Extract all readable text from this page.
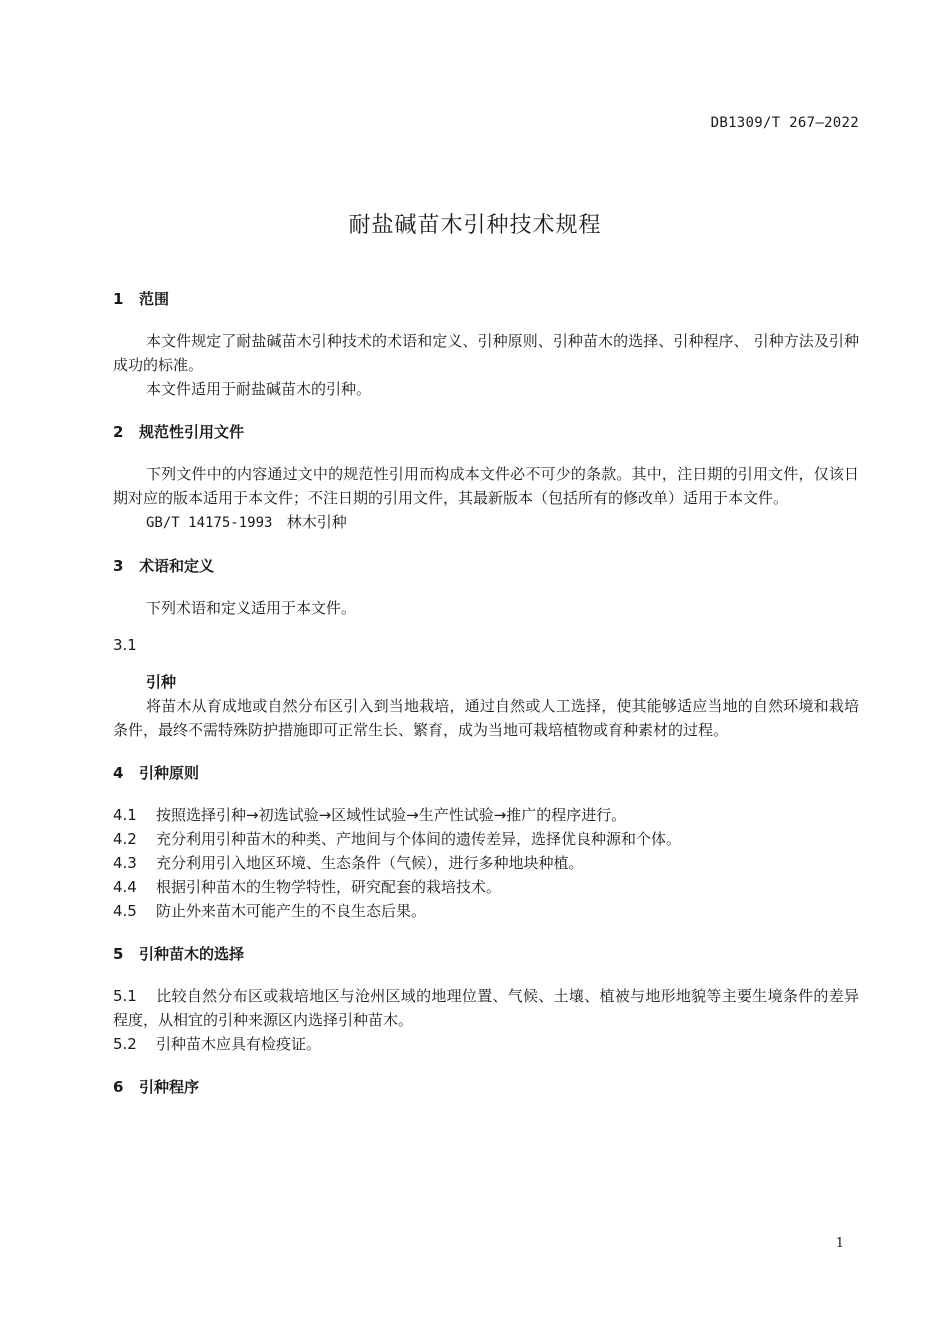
DB1309/T 267—2022
耐盐碱苗木引种技术规程
1 范围
本文件规定了耐盐碱苗木引种技术的术语和定义、引种原则、引种苗木的选择、引种程序、 引种方法及引种成功的标准。
本文件适用于耐盐碱苗木的引种。
2 规范性引用文件
下列文件中的内容通过文中的规范性引用而构成本文件必不可少的条款。其中，注日期的引用文件，仅该日期对应的版本适用于本文件；不注日期的引用文件，其最新版本（包括所有的修改单）适用于本文件。
GB/T 14175-1993 林木引种
3 术语和定义
下列术语和定义适用于本文件。
3.1
引种
将苗木从育成地或自然分布区引入到当地栽培，通过自然或人工选择，使其能够适应当地的自然环境和栽培条件，最终不需特殊防护措施即可正常生长、繁育，成为当地可栽培植物或育种素材的过程。
4 引种原则
4.1 按照选择引种→初选试验→区域性试验→生产性试验→推广的程序进行。
4.2 充分利用引种苗木的种类、产地间与个体间的遗传差异，选择优良种源和个体。
4.3 充分利用引入地区环境、生态条件（气候），进行多种地块种植。
4.4 根据引种苗木的生物学特性，研究配套的栽培技术。
4.5 防止外来苗木可能产生的不良生态后果。
5 引种苗木的选择
5.1 比较自然分布区或栽培地区与沧州区域的地理位置、气候、土壤、植被与地形地貌等主要生境条件的差异程度，从相宜的引种来源区内选择引种苗木。
5.2 引种苗木应具有检疫证。
6 引种程序
1
